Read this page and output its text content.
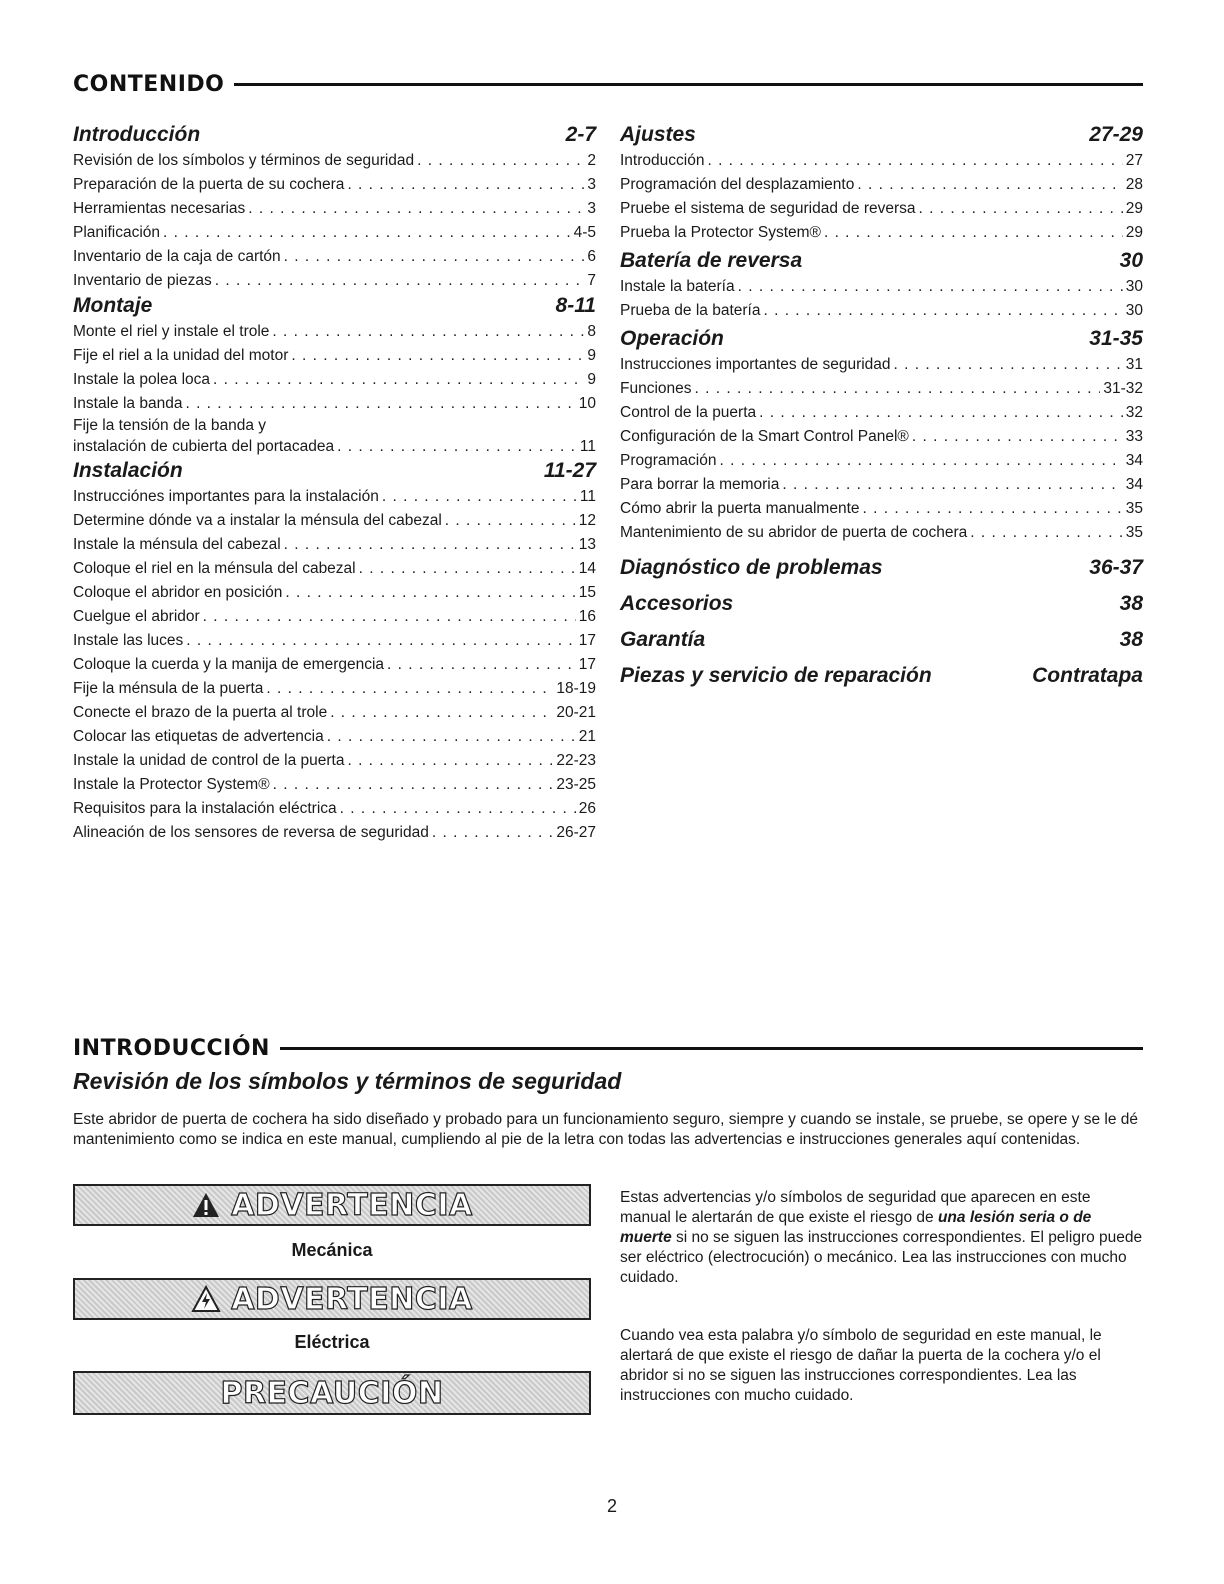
CONTENIDO
Introducción	2-7
Revisión de los símbolos y términos de seguridad . . .	2
Preparación de la puerta de su cochera . . .	3
Herramientas necesarias . . .	3
Planificación . . .	4-5
Inventario de la caja de cartón . . .	6
Inventario de piezas . . .	7
Montaje	8-11
Monte el riel y instale el trole . . .	8
Fije el riel a la unidad del motor . . .	9
Instale la polea loca . . .	9
Instale la banda . . .	10
Fije la tensión de la banda y
instalación de cubierta del portacadea . . .	11
Instalación	11-27
Instrucciónes importantes para la instalación . . .	11
Determine dónde va a instalar la ménsula del cabezal . . .	12
Instale la ménsula del cabezal . . .	13
Coloque el riel en la ménsula del cabezal . . .	14
Coloque el abridor en posición . . .	15
Cuelgue el abridor . . .	16
Instale las luces . . .	17
Coloque la cuerda y la manija de emergencia . . .	17
Fije la ménsula de la puerta . . .	18-19
Conecte el brazo de la puerta al trole . . .	20-21
Colocar las etiquetas de advertencia . . .	21
Instale la unidad de control de la puerta . . .	22-23
Instale la Protector System® . . .	23-25
Requisitos para la instalación eléctrica . . .	26
Alineación de los sensores de reversa de seguridad . . .	26-27
Ajustes	27-29
Introducción . . .	27
Programación del desplazamiento . . .	28
Pruebe el sistema de seguridad de reversa . . .	29
Prueba la Protector System® . . .	29
Batería de reversa	30
Instale la batería . . .	30
Prueba de la batería . . .	30
Operación	31-35
Instrucciones importantes de seguridad . . .	31
Funciones . . .	31-32
Control de la puerta . . .	32
Configuración de la Smart Control Panel® . . .	33
Programación . . .	34
Para borrar la memoria . . .	34
Cómo abrir la puerta manualmente . . .	35
Mantenimiento de su abridor de puerta de cochera . . .	35
Diagnóstico de problemas	36-37
Accesorios	38
Garantía	38
Piezas y servicio de reparación	Contratapa
INTRODUCCIÓN
Revisión de los símbolos y términos de seguridad
Este abridor de puerta de cochera ha sido diseñado y probado para un funcionamiento seguro, siempre y cuando se instale, se pruebe, se opere y se le dé mantenimiento como se indica en este manual, cumpliendo al pie de la letra con todas las advertencias e instrucciones generales aquí contenidas.
ADVERTENCIA
Mecánica
ADVERTENCIA
Eléctrica
PRECAUCIÓN
Estas advertencias y/o símbolos de seguridad que aparecen en este manual le alertarán de que existe el riesgo de una lesión seria o de muerte si no se siguen las instrucciones correspondientes. El peligro puede ser eléctrico (electrocución) o mecánico. Lea las instrucciones con mucho cuidado.
Cuando vea esta palabra y/o símbolo de seguridad en este manual, le alertará de que existe el riesgo de dañar la puerta de la cochera y/o el abridor si no se siguen las instrucciones correspondientes. Lea las instrucciones con mucho cuidado.
2
